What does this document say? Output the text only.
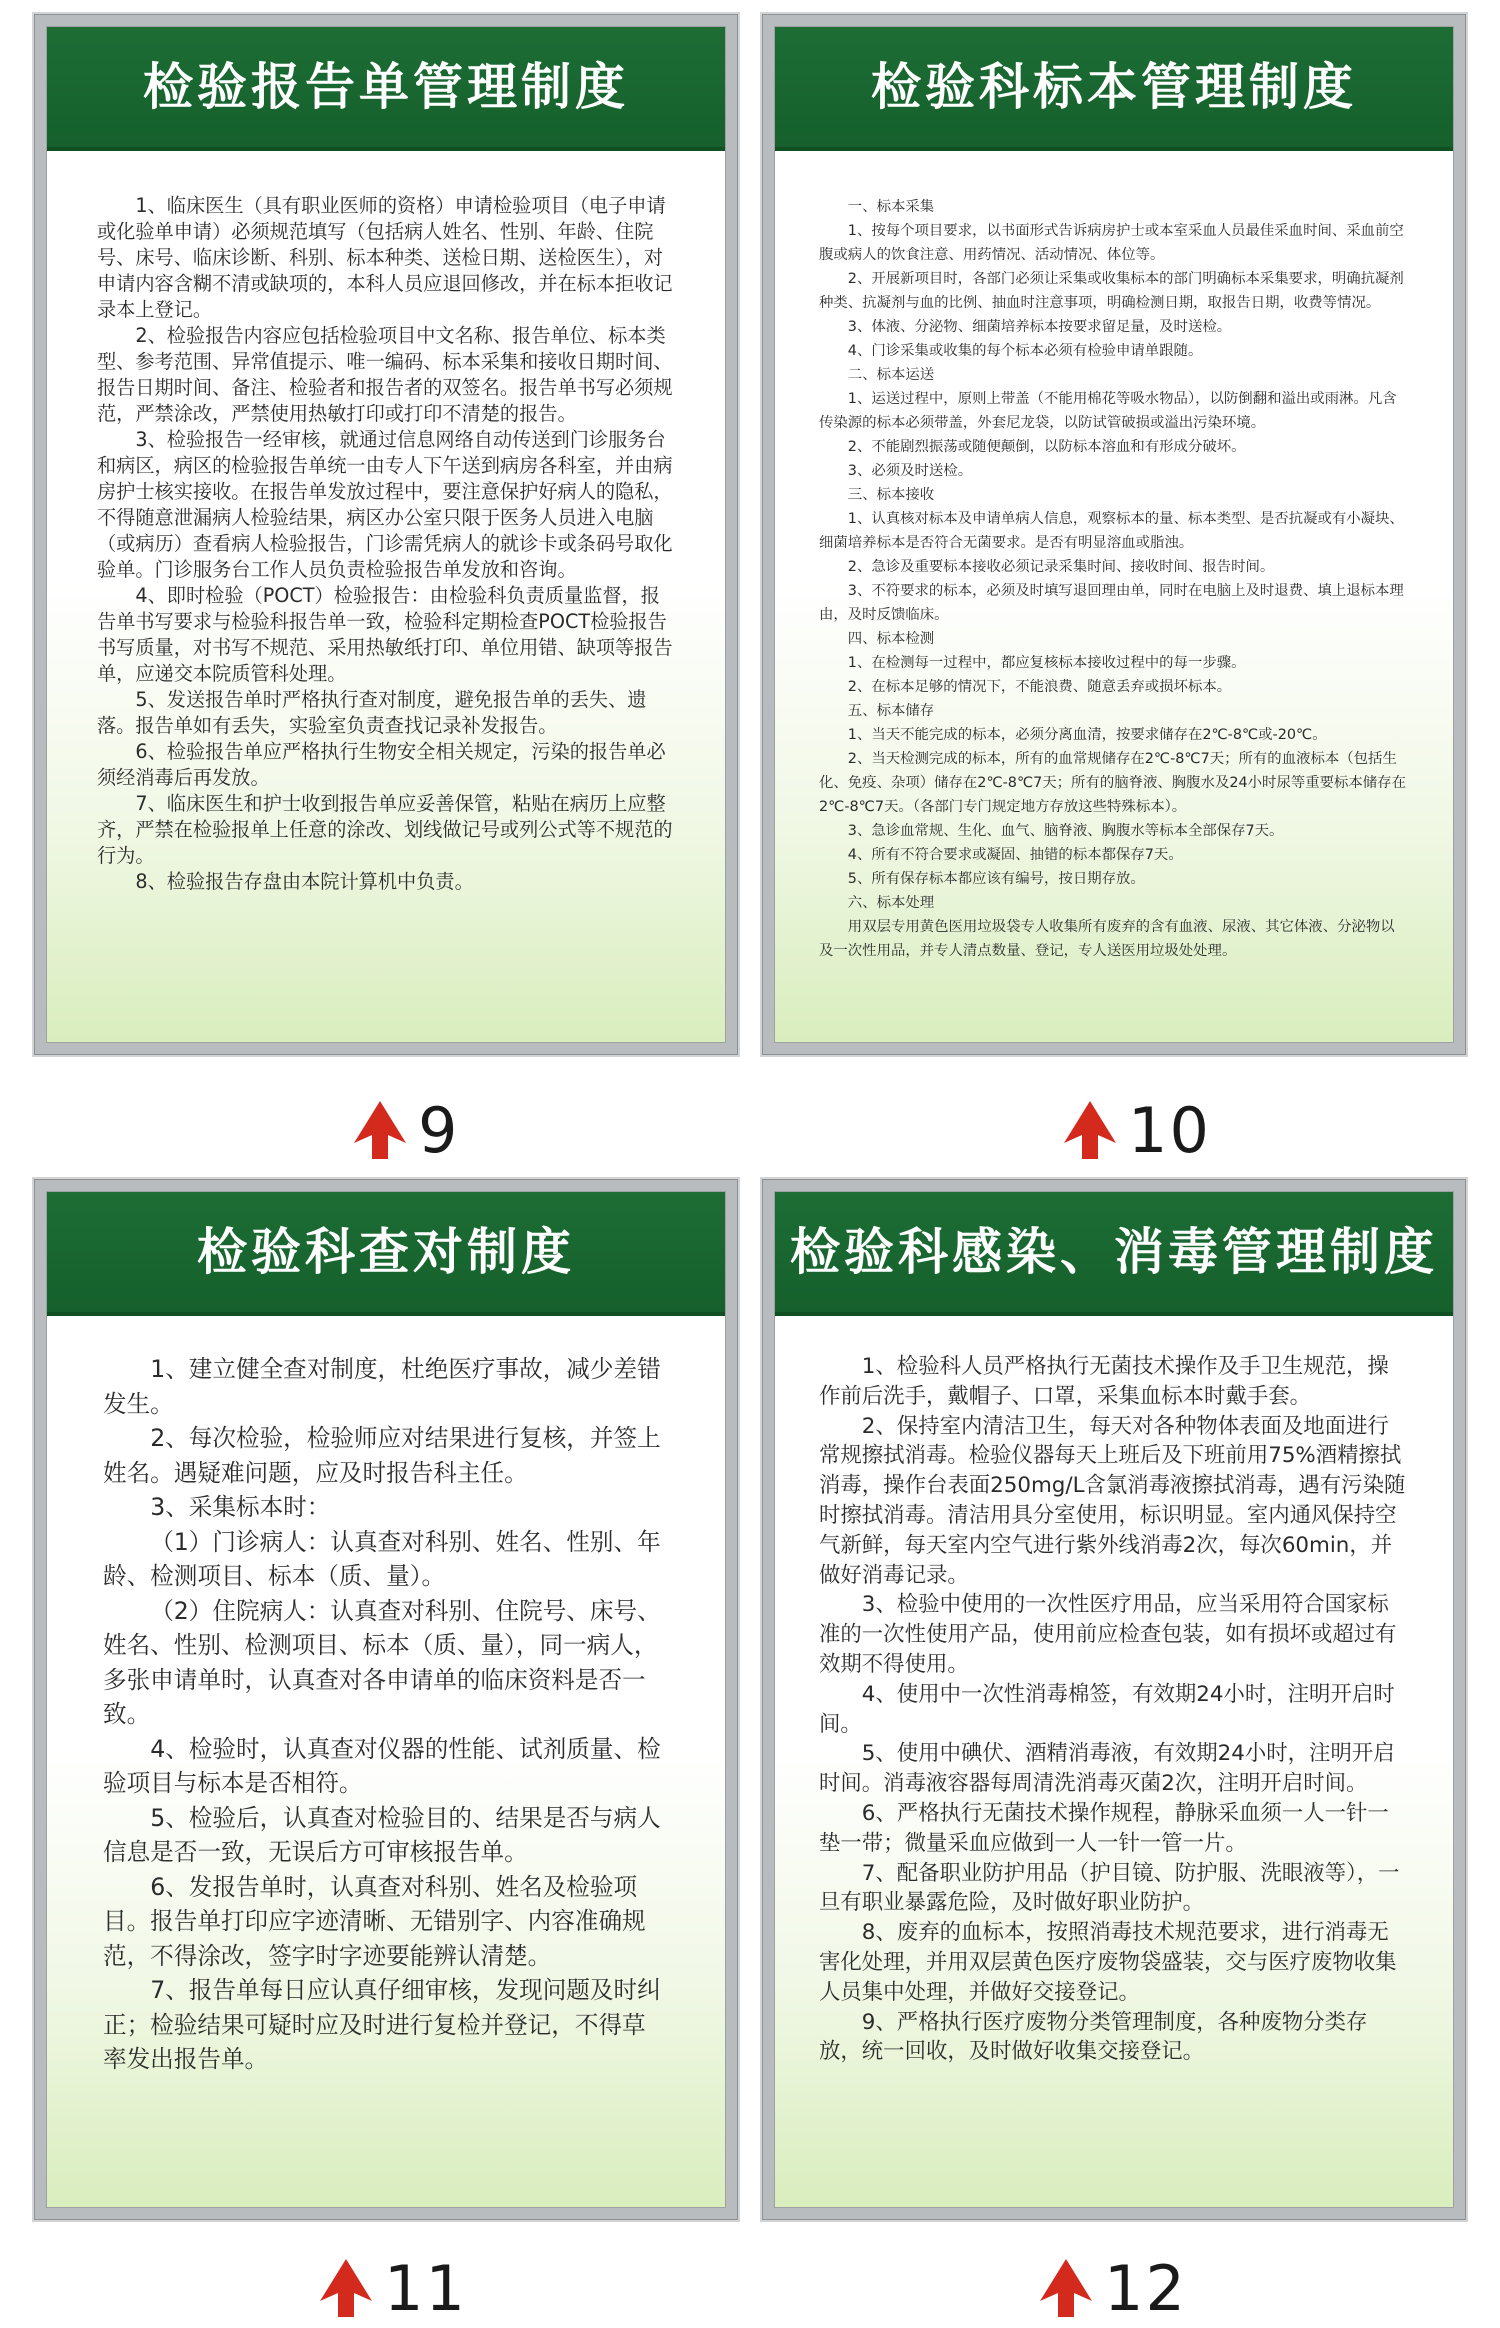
检验报告单管理制度

1、临床医生（具有职业医师的资格）申请检验项目（电子申请或化验单申请）必须规范填写（包括病人姓名、性别、年龄、住院号、床号、临床诊断、科别、标本种类、送检日期、送检医生），对申请内容含糊不清或缺项的，本科人员应退回修改，并在标本拒收记录本上登记。

2、检验报告内容应包括检验项目中文名称、报告单位、标本类型、参考范围、异常值提示、唯一编码、标本采集和接收日期时间、报告日期时间、备注、检验者和报告者的双签名。报告单书写必须规范，严禁涂改，严禁使用热敏打印或打印不清楚的报告。

3、检验报告一经审核，就通过信息网络自动传送到门诊服务台和病区，病区的检验报告单统一由专人下午送到病房各科室，并由病房护士核实接收。在报告单发放过程中，要注意保护好病人的隐私，不得随意泄漏病人检验结果，病区办公室只限于医务人员进入电脑（或病历）查看病人检验报告，门诊需凭病人的就诊卡或条码号取化验单。门诊服务台工作人员负责检验报告单发放和咨询。

4、即时检验（POCT）检验报告：由检验科负责质量监督，报告单书写要求与检验科报告单一致，检验科定期检查POCT检验报告书写质量，对书写不规范、采用热敏纸打印、单位用错、缺项等报告单，应递交本院质管科处理。

5、发送报告单时严格执行查对制度，避免报告单的丢失、遗落。报告单如有丢失，实验室负责查找记录补发报告。

6、检验报告单应严格执行生物安全相关规定，污染的报告单必须经消毒后再发放。

7、临床医生和护士收到报告单应妥善保管，粘贴在病历上应整齐，严禁在检验报单上任意的涂改、划线做记号或列公式等不规范的行为。

8、检验报告存盘由本院计算机中负责。

9
检验科标本管理制度

一、标本采集

1、按每个项目要求，以书面形式告诉病房护士或本室采血人员最佳采血时间、采血前空腹或病人的饮食注意、用药情况、活动情况、体位等。

2、开展新项目时，各部门必须让采集或收集标本的部门明确标本采集要求，明确抗凝剂种类、抗凝剂与血的比例、抽血时注意事项，明确检测日期，取报告日期，收费等情况。

3、体液、分泌物、细菌培养标本按要求留足量，及时送检。

4、门诊采集或收集的每个标本必须有检验申请单跟随。

二、标本运送

1、运送过程中，原则上带盖（不能用棉花等吸水物品），以防倒翻和溢出或雨淋。凡含传染源的标本必须带盖，外套尼龙袋，以防试管破损或溢出污染环境。

2、不能剧烈振荡或随便颠倒，以防标本溶血和有形成分破坏。

3、必须及时送检。

三、标本接收

1、认真核对标本及申请单病人信息，观察标本的量、标本类型、是否抗凝或有小凝块、细菌培养标本是否符合无菌要求。是否有明显溶血或脂浊。

2、急诊及重要标本接收必须记录采集时间、接收时间、报告时间。

3、不符要求的标本，必须及时填写退回理由单，同时在电脑上及时退费、填上退标本理由，及时反馈临床。

四、标本检测

1、在检测每一过程中，都应复核标本接收过程中的每一步骤。

2、在标本足够的情况下，不能浪费、随意丢弃或损坏标本。

五、标本储存

1、当天不能完成的标本，必须分离血清，按要求储存在2℃-8℃或-20℃。

2、当天检测完成的标本，所有的血常规储存在2℃-8℃7天；所有的血液标本（包括生化、免疫、杂项）储存在2℃-8℃7天；所有的脑脊液、胸腹水及24小时尿等重要标本储存在2℃-8℃7天。（各部门专门规定地方存放这些特殊标本）。

3、急诊血常规、生化、血气、脑脊液、胸腹水等标本全部保存7天。

4、所有不符合要求或凝固、抽错的标本都保存7天。

5、所有保存标本都应该有编号，按日期存放。

六、标本处理

用双层专用黄色医用垃圾袋专人收集所有废弃的含有血液、尿液、其它体液、分泌物以及一次性用品，并专人清点数量、登记，专人送医用垃圾处处理。

10
检验科查对制度

1、建立健全查对制度，杜绝医疗事故，减少差错发生。

2、每次检验，检验师应对结果进行复核，并签上姓名。遇疑难问题，应及时报告科主任。

3、采集标本时：

（1）门诊病人：认真查对科别、姓名、性别、年龄、检测项目、标本（质、量）。

（2）住院病人：认真查对科别、住院号、床号、姓名、性别、检测项目、标本（质、量），同一病人，多张申请单时，认真查对各申请单的临床资料是否一致。

4、检验时，认真查对仪器的性能、试剂质量、检验项目与标本是否相符。

5、检验后，认真查对检验目的、结果是否与病人信息是否一致，无误后方可审核报告单。

6、发报告单时，认真查对科别、姓名及检验项目。报告单打印应字迹清晰、无错别字、内容准确规范，不得涂改，签字时字迹要能辨认清楚。

7、报告单每日应认真仔细审核，发现问题及时纠正；检验结果可疑时应及时进行复检并登记，不得草率发出报告单。

11
检验科感染、消毒管理制度

1、检验科人员严格执行无菌技术操作及手卫生规范，操作前后洗手，戴帽子、口罩，采集血标本时戴手套。

2、保持室内清洁卫生，每天对各种物体表面及地面进行常规擦拭消毒。检验仪器每天上班后及下班前用75%酒精擦拭消毒，操作台表面250mg/L含氯消毒液擦拭消毒，遇有污染随时擦拭消毒。清洁用具分室使用，标识明显。室内通风保持空气新鲜，每天室内空气进行紫外线消毒2次，每次60min，并做好消毒记录。

3、检验中使用的一次性医疗用品，应当采用符合国家标准的一次性使用产品，使用前应检查包装，如有损坏或超过有效期不得使用。

4、使用中一次性消毒棉签，有效期24小时，注明开启时间。

5、使用中碘伏、酒精消毒液，有效期24小时，注明开启时间。消毒液容器每周清洗消毒灭菌2次，注明开启时间。

6、严格执行无菌技术操作规程，静脉采血须一人一针一垫一带；微量采血应做到一人一针一管一片。

7、配备职业防护用品（护目镜、防护服、洗眼液等），一旦有职业暴露危险，及时做好职业防护。

8、废弃的血标本，按照消毒技术规范要求，进行消毒无害化处理，并用双层黄色医疗废物袋盛装，交与医疗废物收集人员集中处理，并做好交接登记。

9、严格执行医疗废物分类管理制度，各种废物分类存放，统一回收，及时做好收集交接登记。

12
